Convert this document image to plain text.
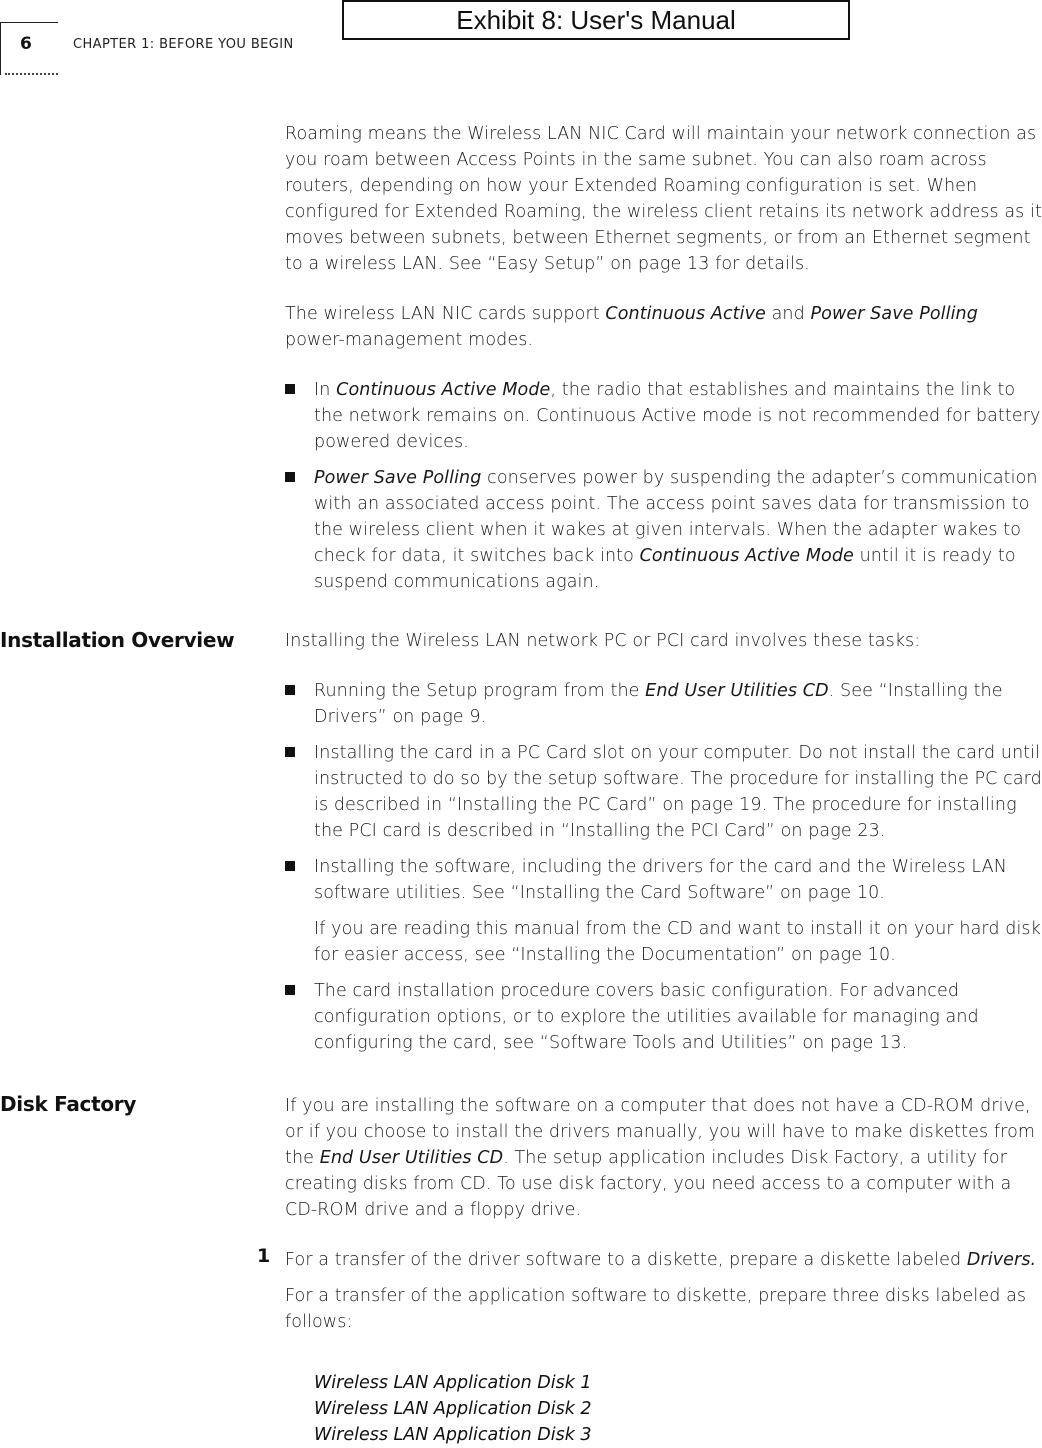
6	CHAPTER 1: BEFORE YOU BEGIN
Exhibit 8: User's Manual

Roaming means the Wireless LAN NIC Card will maintain your network connection as you roam between Access Points in the same subnet. You can also roam across routers, depending on how your Extended Roaming configuration is set. When configured for Extended Roaming, the wireless client retains its network address as it moves between subnets, between Ethernet segments, or from an Ethernet segment to a wireless LAN. See “Easy Setup” on page 13 for details.

The wireless LAN NIC cards support Continuous Active and Power Save Polling power-management modes.

In Continuous Active Mode, the radio that establishes and maintains the link to the network remains on. Continuous Active mode is not recommended for battery powered devices.
Power Save Polling conserves power by suspending the adapter’s communication with an associated access point. The access point saves data for transmission to the wireless client when it wakes at given intervals. When the adapter wakes to check for data, it switches back into Continuous Active Mode until it is ready to suspend communications again.
Installation Overview	Installing the Wireless LAN network PC or PCI card involves these tasks:

Running the Setup program from the End User Utilities CD. See “Installing the Drivers” on page 9.
Installing the card in a PC Card slot on your computer. Do not install the card until instructed to do so by the setup software. The procedure for installing the PC card is described in “Installing the PC Card” on page 19. The procedure for installing the PCI card is described in “Installing the PCI Card” on page 23.
Installing the software, including the drivers for the card and the Wireless LAN software utilities. See “Installing the Card Software” on page 10.
If you are reading this manual from the CD and want to install it on your hard disk for easier access, see “Installing the Documentation” on page 10.
The card installation procedure covers basic configuration. For advanced configuration options, or to explore the utilities available for managing and configuring the card, see “Software Tools and Utilities” on page 13.
Disk Factory	If you are installing the software on a computer that does not have a CD-ROM drive, or if you choose to install the drivers manually, you will have to make diskettes from the End User Utilities CD. The setup application includes Disk Factory, a utility for creating disks from CD. To use disk factory, you need access to a computer with a CD-ROM drive and a floppy drive.

For a transfer of the driver software to a diskette, prepare a diskette labeled Drivers.

For a transfer of the application software to diskette, prepare three disks labeled as follows:

1
Wireless LAN Application Disk 1
Wireless LAN Application Disk 2
Wireless LAN Application Disk 3
